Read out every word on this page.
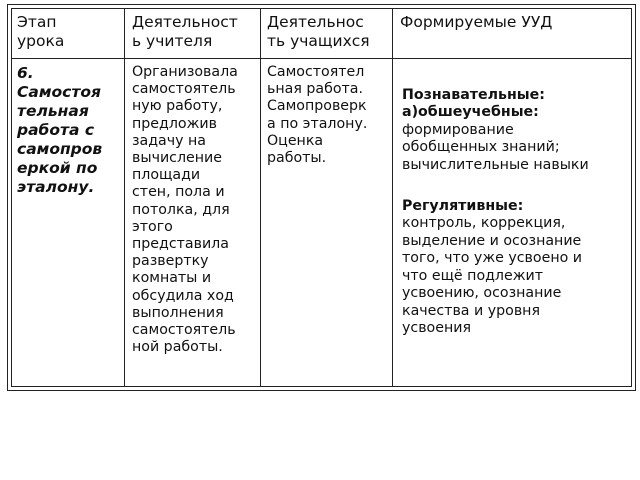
Этап
урока
Деятельност
ь учителя
Деятельнос
ть учащихся
Формируемые УУД
6.
Самостоя
тельная
работа с
самопров
еркой по
эталону.
Организовала
самостоятель
ную работу,
предложив
задачу на
вычисление
площади
стен, пола и
потолка, для
этого
представила
развертку
комнаты и
обсудила ход
выполнения
самостоятель
ной работы.
Самостоятел
ьная работа.
Самопроверк
а по эталону.
Оценка
работы.

Познавательные:
а)обшеучебные:
формирование
обобщенных знаний;
вычислительные навыки

Регулятивные:
контроль, коррекция,
выделение и осознание
того, что уже усвоено и
что ещё подлежит
усвоению, осознание
качества и уровня
усвоения
